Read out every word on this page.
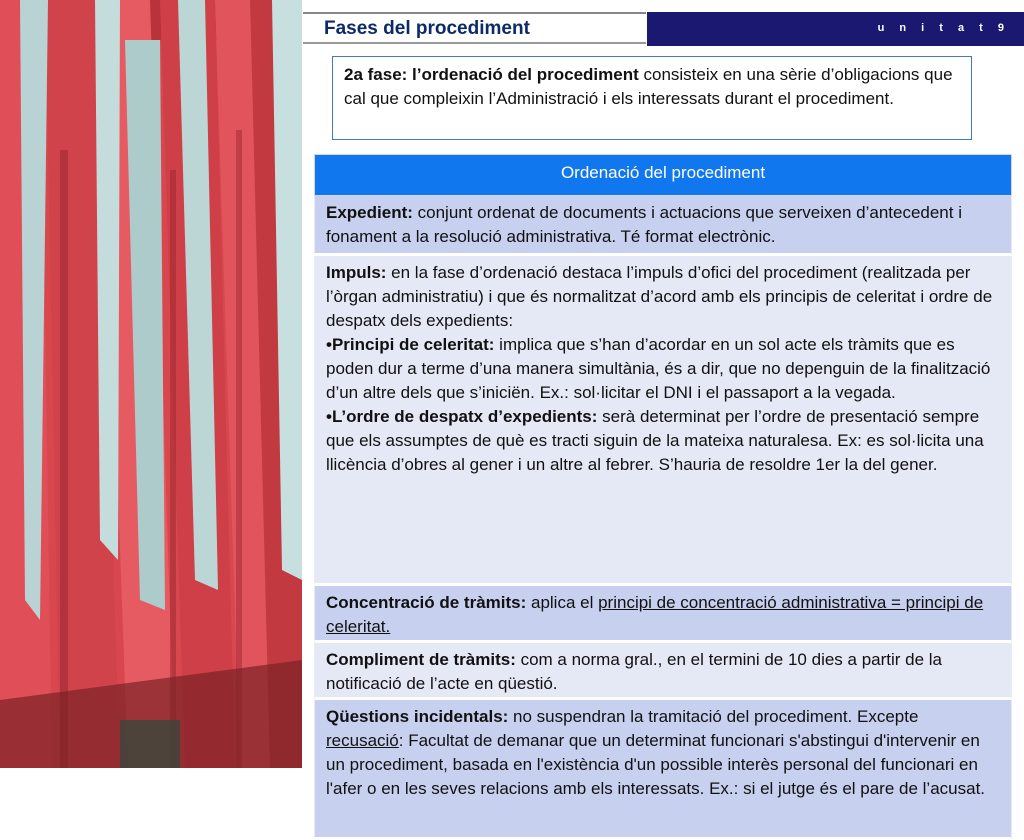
Fases del procediment	u n i t a t 9
2a fase: l’ordenació del procediment consisteix en una sèrie d’obligacions que cal que compleixin l’Administració i els interessats durant el procediment.
Ordenació del procediment
Expedient: conjunt ordenat de documents i actuacions que serveixen d’antecedent i fonament a la resolució administrativa. Té format electrònic.
Impuls: en la fase d’ordenació destaca l’impuls d’ofici del procediment (realitzada per l’òrgan administratiu) i que és normalitzat d’acord amb els principis de celeritat i ordre de despatx dels expedients:
•Principi de celeritat: implica que s’han d’acordar en un sol acte els tràmits que es poden dur a terme d’una manera simultània, és a dir, que no depenguin de la finalització d’un altre dels que s’iniciën. Ex.: sol·licitar el DNI i el passaport a la vegada.
•L’ordre de despatx d’expedients: serà determinat per l’ordre de presentació sempre que els assumptes de què es tracti siguin de la mateixa naturalesa. Ex: es sol·licita una llicència d’obres al gener i un altre al febrer. S’hauria de resoldre 1er la del gener.
Concentració de tràmits: aplica el principi de concentració administrativa = principi de celeritat.
Compliment de tràmits: com a norma gral., en el termini de 10 dies a partir de la notificació de l’acte en qüestió.
Qüestions incidentals: no suspendran la tramitació del procediment. Excepte recusació: Facultat de demanar que un determinat funcionari s'abstingui d'intervenir en un procediment, basada en l'existència d'un possible interès personal del funcionari en l'afer o en les seves relacions amb els interessats. Ex.: si el jutge és el pare de l’acusat.
